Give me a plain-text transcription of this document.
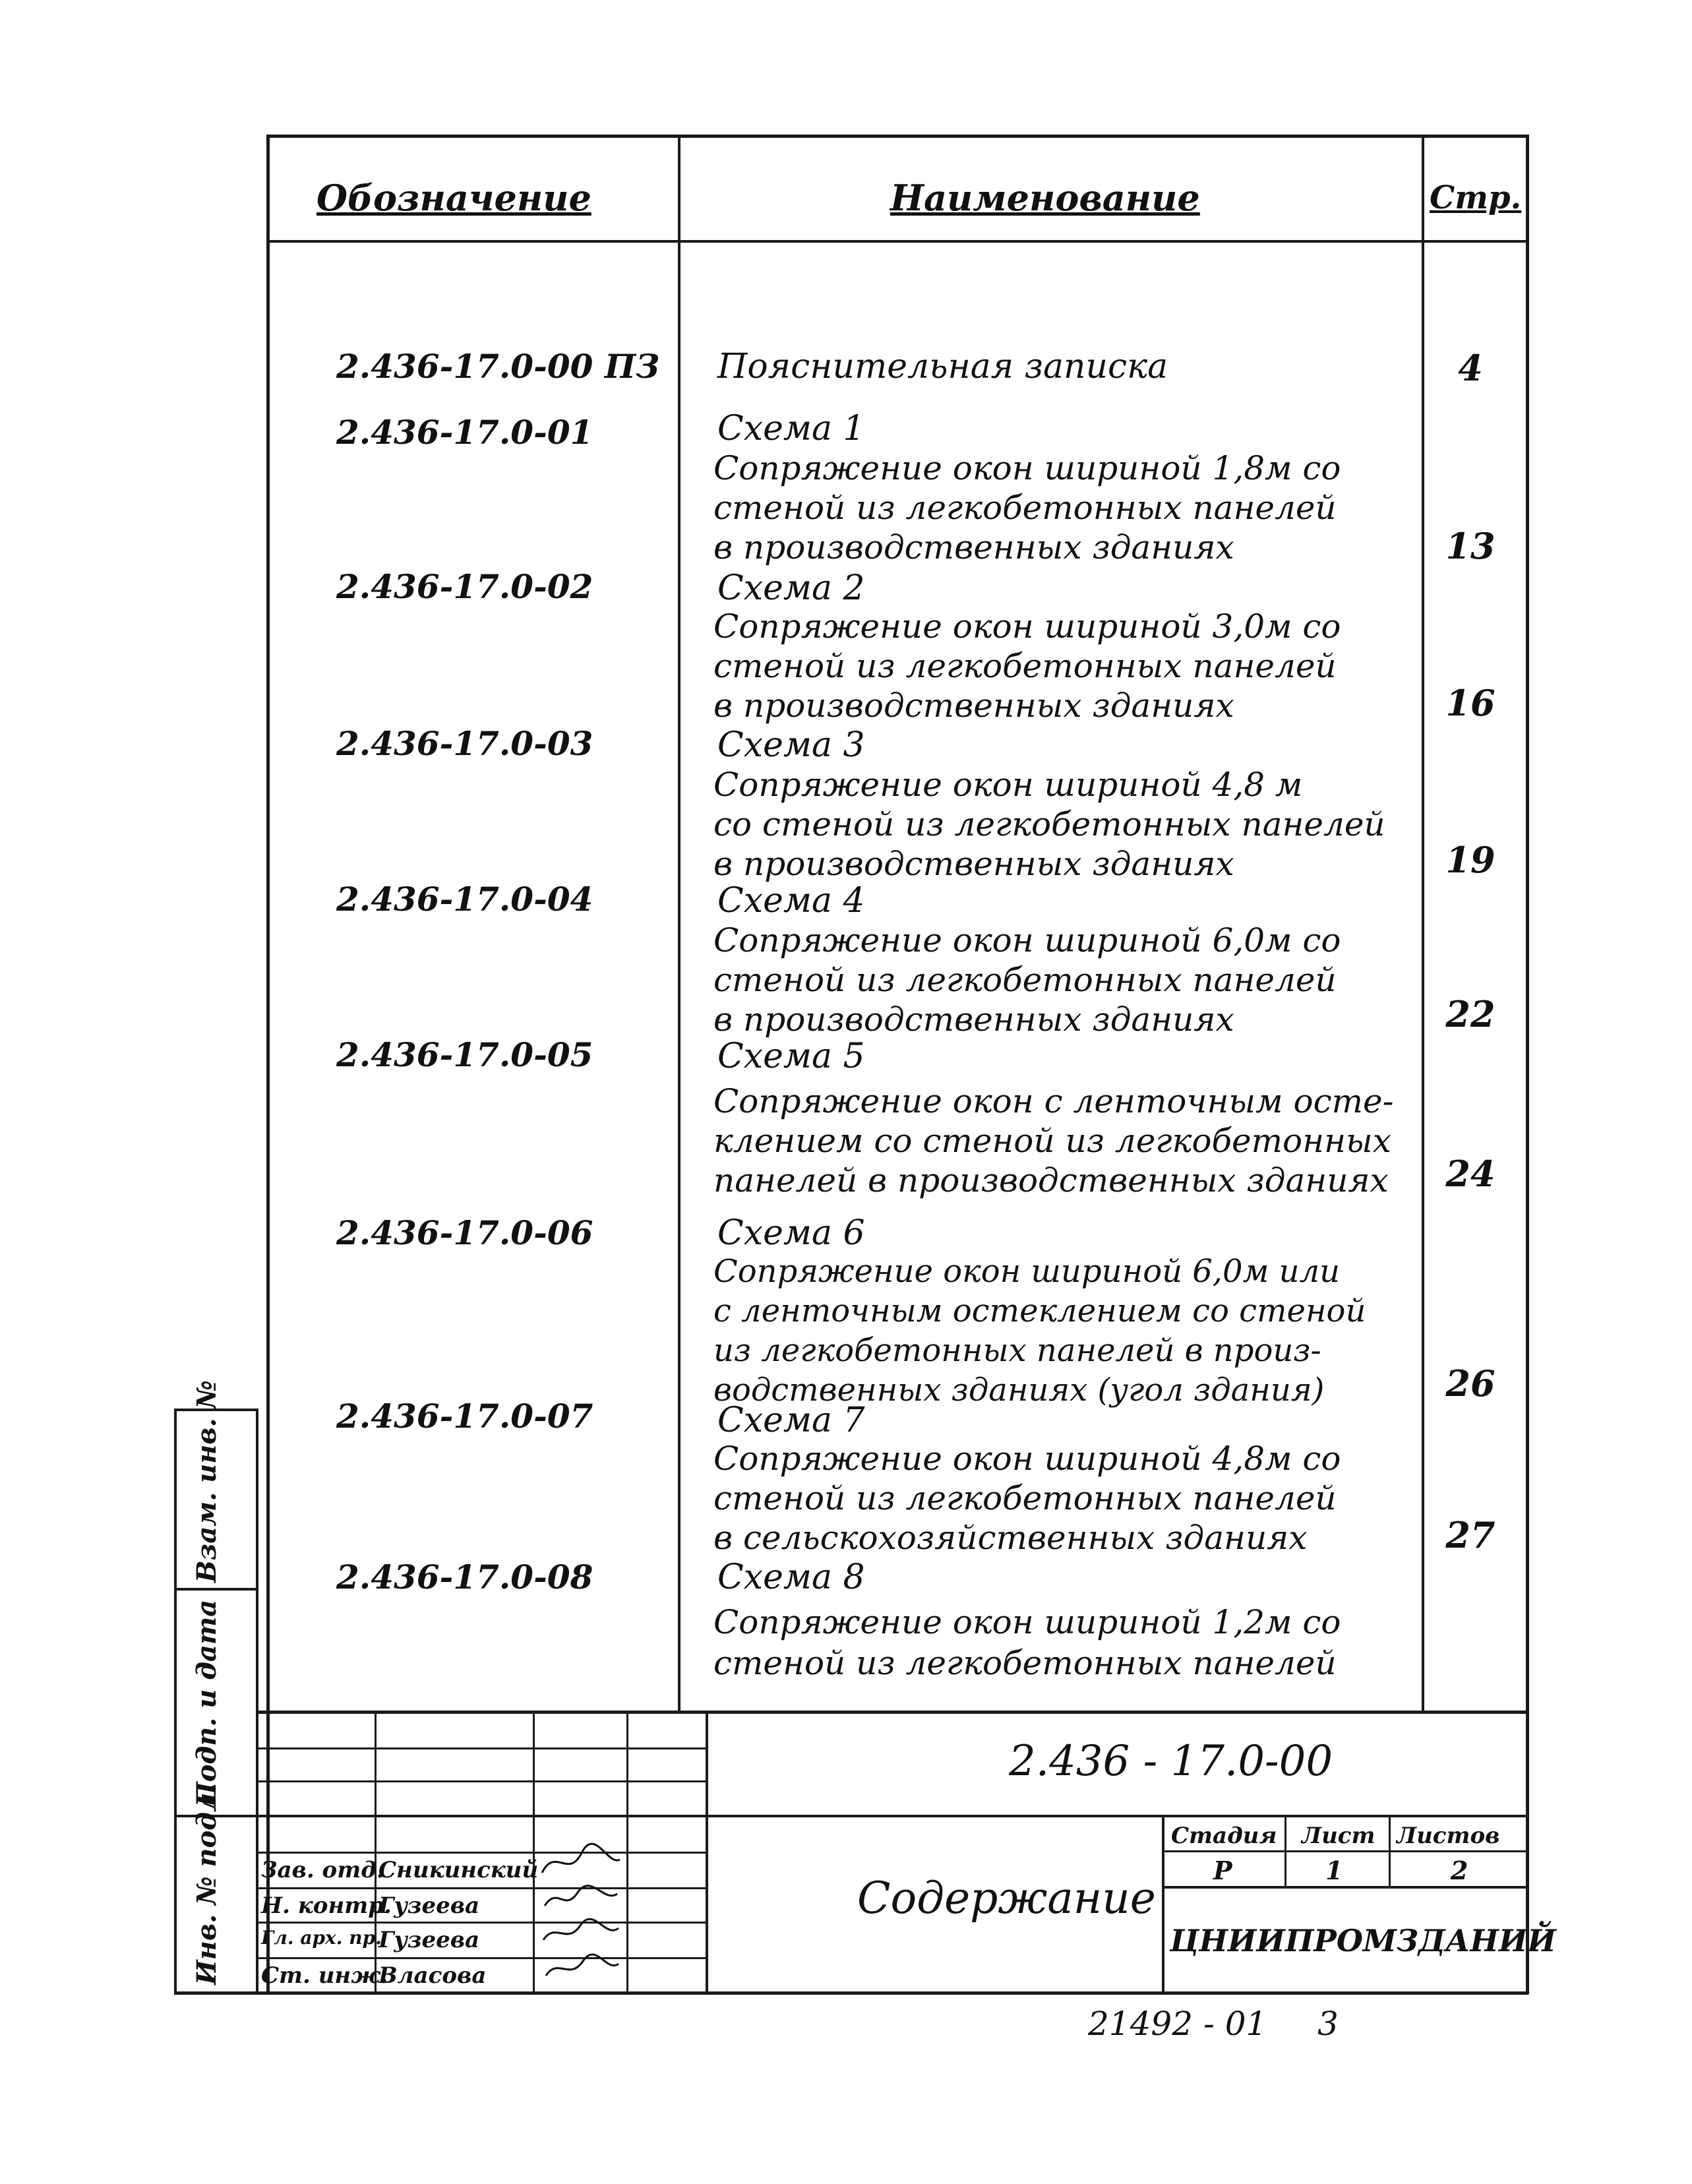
Взам. инв. №
Подп. и дата
Инв. № подл.
Обозначение	Наименование	Стр.
2.436-17.0-00 ПЗ Пояснительная записка	4
2.436-17.0-01	Схема 1
Сопряжение окон шириной 1,8м со
стеной из легкобетонных панелей
в производственных зданиях	13
2.436-17.0-02	Схема 2
Сопряжение окон шириной 3,0м со
стеной из легкобетонных панелей
в производственных зданиях	16
2.436-17.0-03	Схема 3
Сопряжение окон шириной 4,8 м
со стеной из легкобетонных панелей
в производственных зданиях	19
2.436-17.0-04	Схема 4
Сопряжение окон шириной 6,0м со
стеной из легкобетонных панелей
в производственных зданиях	22
2.436-17.0-05	Схема 5
Сопряжение окон с ленточным осте-
клением со стеной из легкобетонных
панелей в производственных зданиях 24
2.436-17.0-06	Схема 6
Сопряжение окон шириной 6,0м или
с ленточным остеклением со стеной
из легкобетонных панелей в произ-
водственных зданиях (угол здания)	26
2.436-17.0-07	Схема 7
Сопряжение окон шириной 4,8м со
стеной из легкобетонных панелей
в сельскохозяйственных зданиях	27
2.436-17.0-08	Схема 8
Сопряжение окон шириной 1,2м со
стеной из легкобетонных панелей
Зав. отд.
Сникинский
Н. контр.
Гузеева
Гл. арх. пр.
Гузеева
Ст. инж.
Власова
2.436 - 17.0-00
Содержание
Стадия Лист Листов
Р	1	2
ЦНИИПРОМЗДАНИЙ
21492 - 01 3
